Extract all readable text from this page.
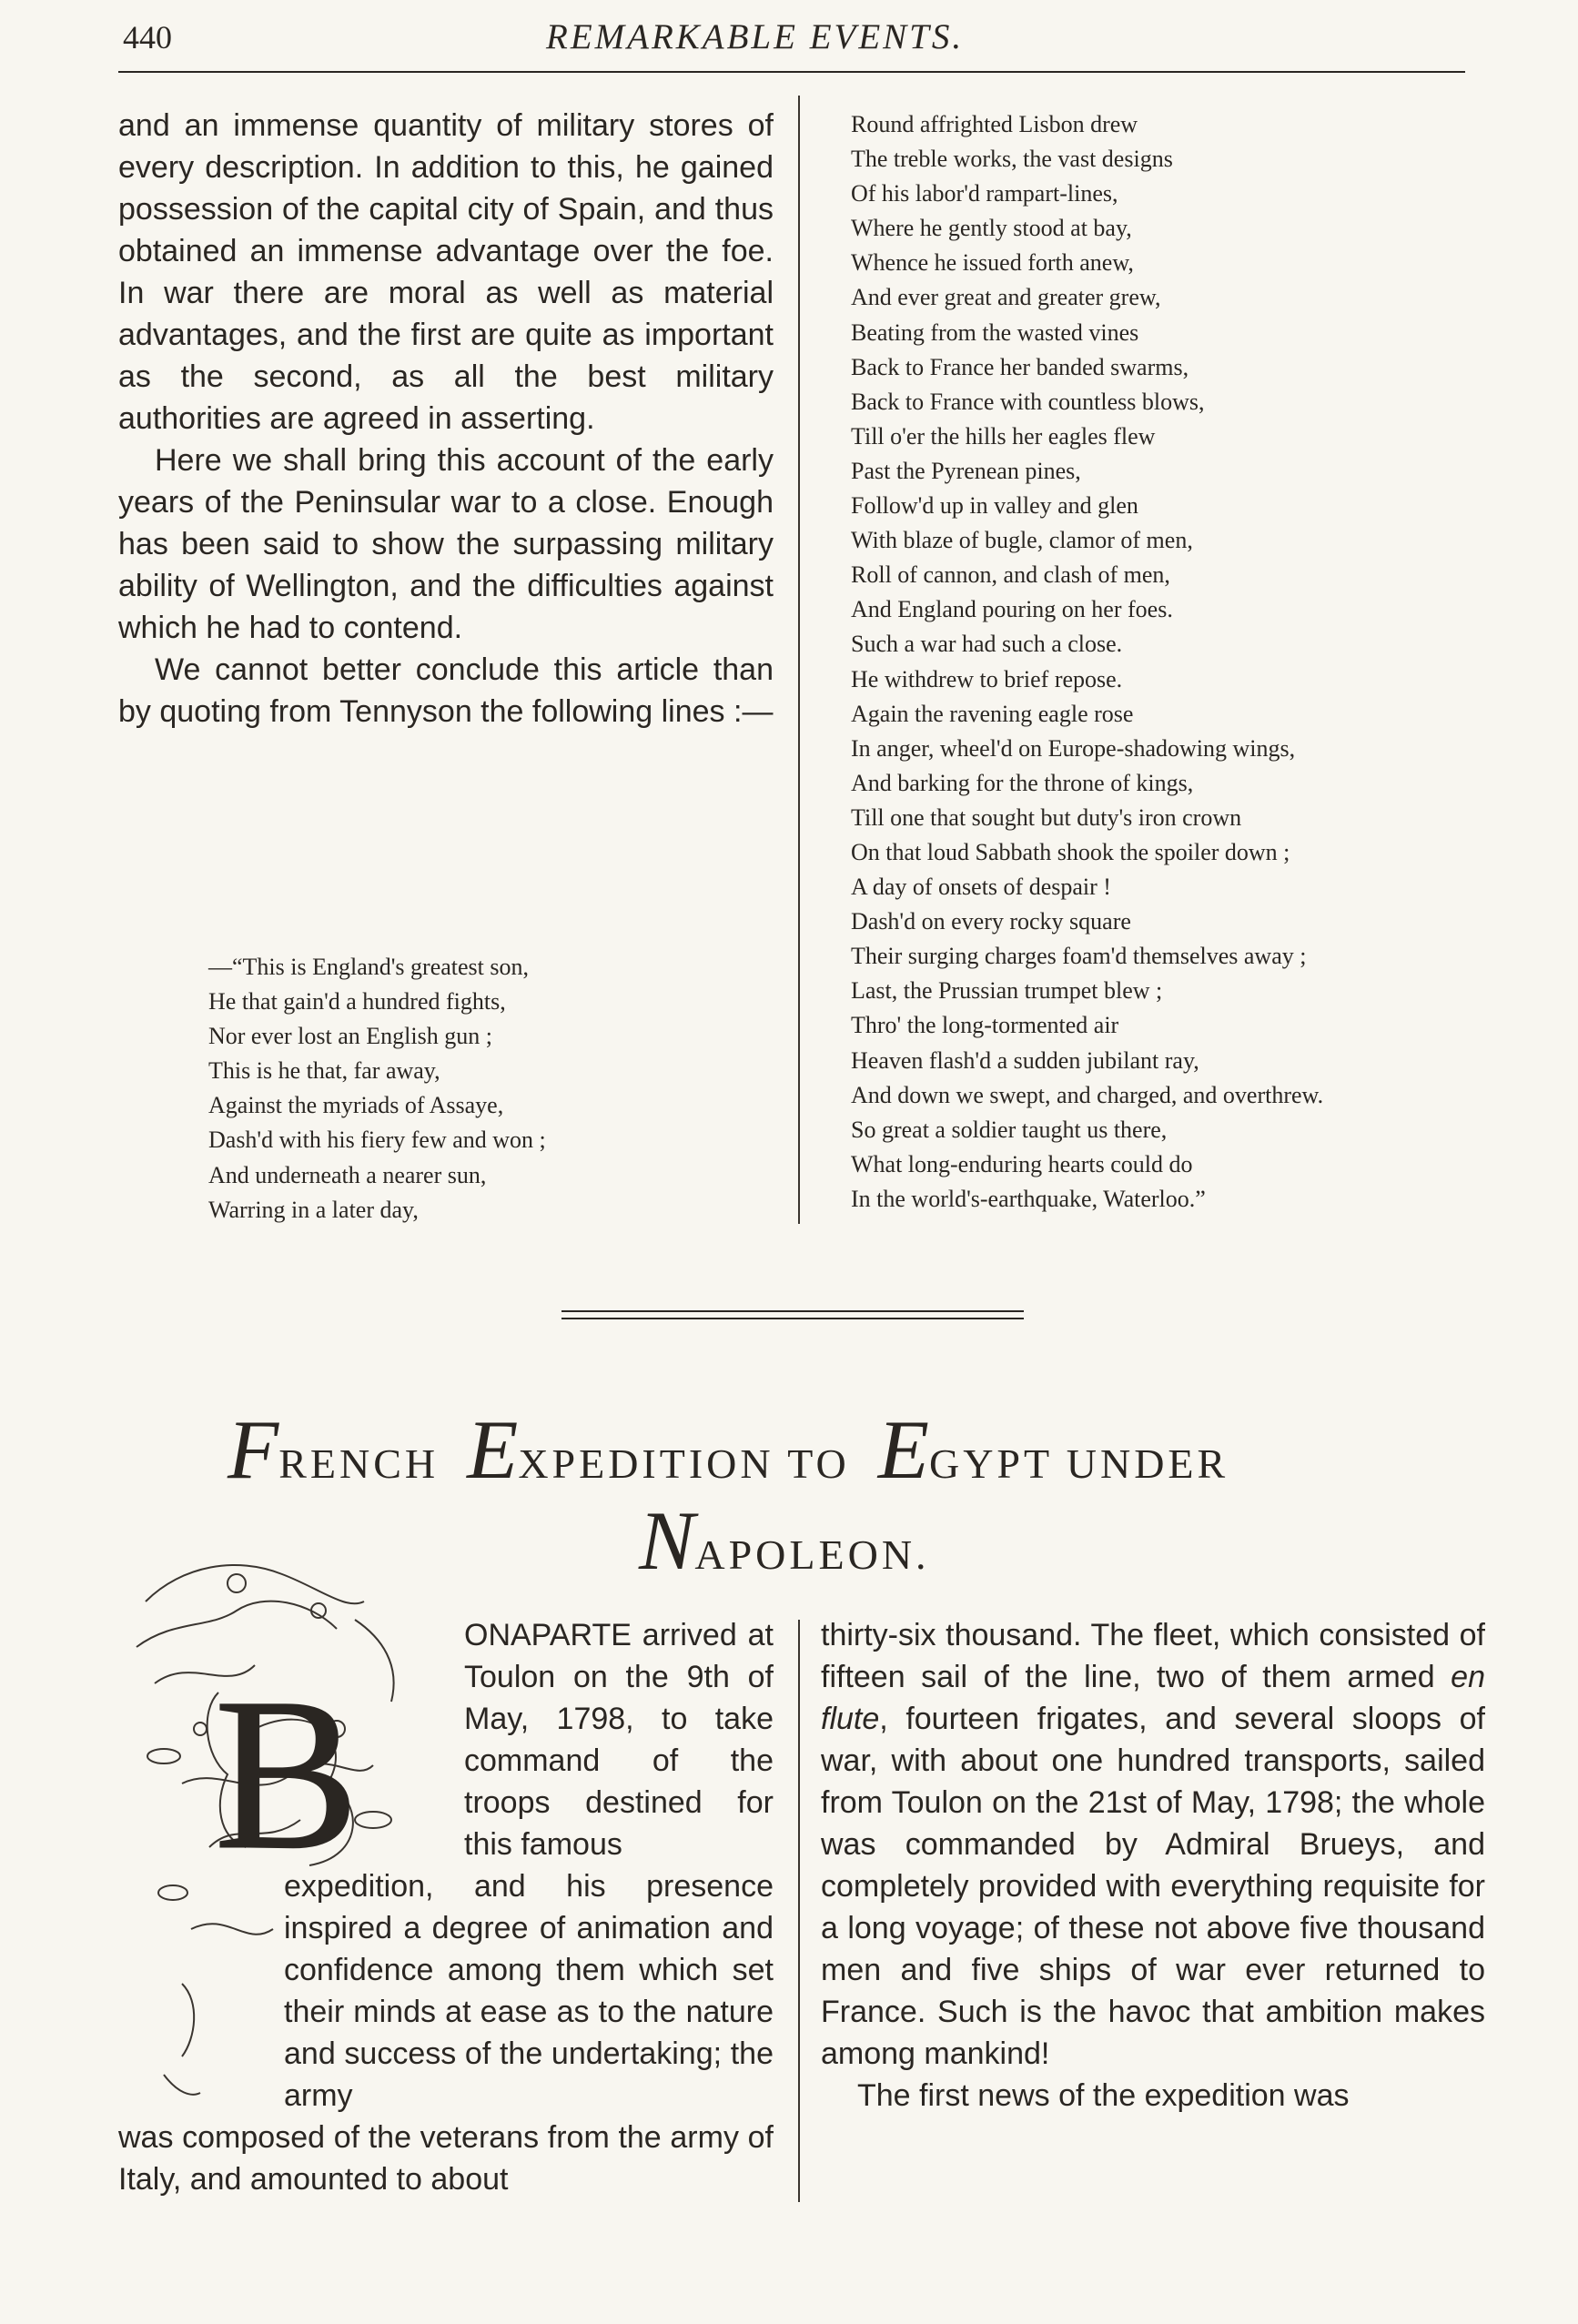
440	REMARKABLE EVENTS.

and an immense quantity of military stores of every description. In addition to this, he gained possession of the capital city of Spain, and thus obtained an immense advantage over the foe. In war there are moral as well as material advantages, and the first are quite as important as the second, as all the best military authorities are agreed in asserting.

Here we shall bring this account of the early years of the Peninsular war to a close. Enough has been said to show the surpassing military ability of Wellington, and the difficulties against which he had to contend.

We cannot better conclude this article than by quoting from Tennyson the following lines :—

—“This is England's greatest son,
He that gain'd a hundred fights,
Nor ever lost an English gun ;
This is he that, far away,
Against the myriads of Assaye,
Dash'd with his fiery few and won ;
And underneath a nearer sun,
Warring in a later day,
Round affrighted Lisbon drew
The treble works, the vast designs
Of his labor'd rampart-lines,
Where he gently stood at bay,
Whence he issued forth anew,
And ever great and greater grew,
Beating from the wasted vines
Back to France her banded swarms,
Back to France with countless blows,
Till o'er the hills her eagles flew
Past the Pyrenean pines,
Follow'd up in valley and glen
With blaze of bugle, clamor of men,
Roll of cannon, and clash of men,
And England pouring on her foes.
Such a war had such a close.
He withdrew to brief repose.
Again the ravening eagle rose
In anger, wheel'd on Europe-shadowing wings,
And barking for the throne of kings,
Till one that sought but duty's iron crown
On that loud Sabbath shook the spoiler down ;
A day of onsets of despair !
Dash'd on every rocky square
Their surging charges foam'd themselves away ;
Last, the Prussian trumpet blew ;
Thro' the long-tormented air
Heaven flash'd a sudden jubilant ray,
And down we swept, and charged, and overthrew.
So great a soldier taught us there,
What long-enduring hearts could do
In the world's-earthquake, Waterloo.”
FRENCH EXPEDITION TO EGYPT UNDER
NAPOLEON.
B

ONAPARTE arrived at Toulon on the 9th of May, 1798, to take command of the troops destined for this famous

expedition, and his presence inspired a degree of animation and confidence among them which set their minds at ease as to the nature and success of the undertaking; the army

was composed of the veterans from the army of Italy, and amounted to about

thirty-six thousand. The fleet, which consisted of fifteen sail of the line, two of them armed en flute, fourteen frigates, and several sloops of war, with about one hundred transports, sailed from Toulon on the 21st of May, 1798; the whole was commanded by Admiral Brueys, and completely provided with everything requisite for a long voyage; of these not above five thousand men and five ships of war ever returned to France. Such is the havoc that ambition makes among mankind!

The first news of the expedition was
